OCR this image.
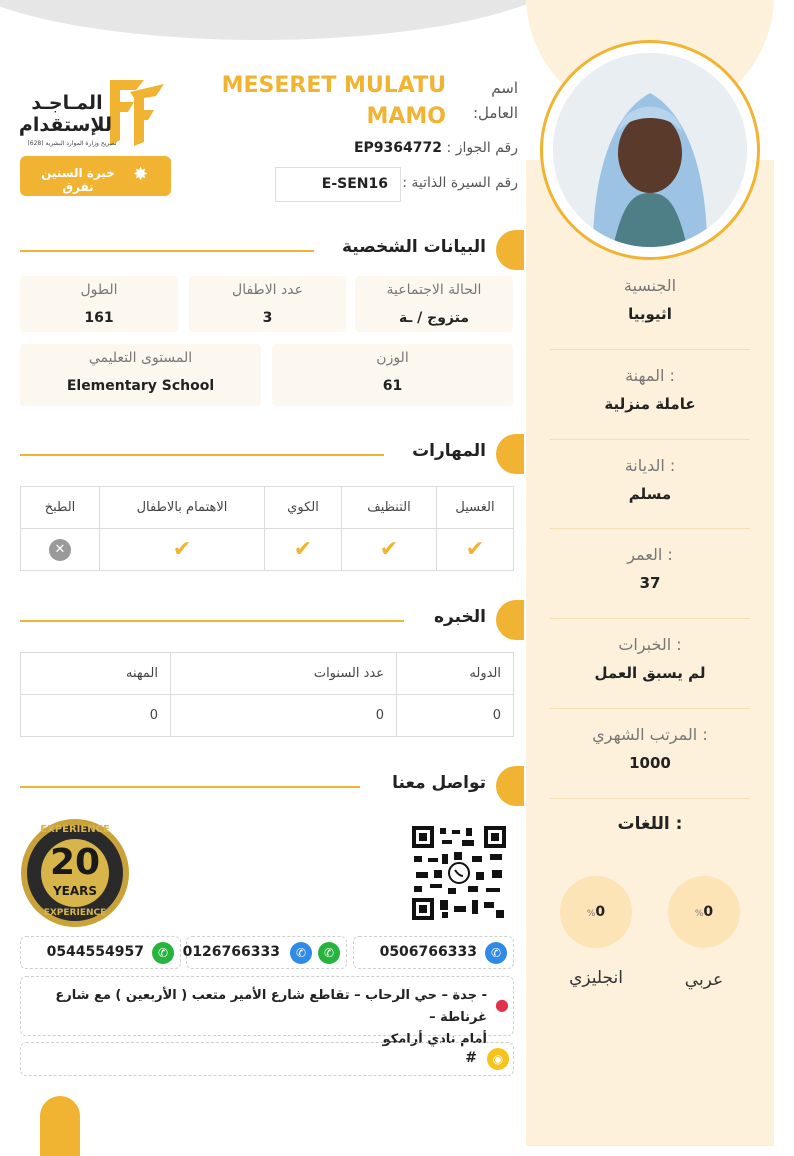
الجنسية
اثيوبيا
المهنة :
عاملة منزلية
الديانة :
مسلم
العمر :
37
الخبرات :
لم يسبق العمل
المرتب الشهري :
1000
اللغات :
%0
%0
عربي
انجليزي
المـاجـد
للإستقدام
تصريح وزارة الموارد البشرية (628)
خبرة السنين تفرق
✸
اسم
العامل:
MESERET MULATU
MAMO
رقم الجواز :
EP9364772
رقم السيرة الذاتية :
E-SEN16
البيانات الشخصية
الحالة الاجتماعية
متزوج / ـة
عدد الاطفال
3
الطول
161
الوزن
61
المستوى التعليمي
Elementary School
المهارات
الطبخ	الاهتمام بالاطفال	الكوي	التنظيف	الغسيل
✕	✔	✔	✔	✔
الخبره
المهنه	عدد السنوات	الدوله
0	0	0
تواصل معنا
EXPERIENCE
20
YEARS
EXPERIENCE
✆
0506766333
✆
✆
0126766333
✆
0544554957
●
- جدة – حي الرحاب – تقاطع شارع الأمير متعب ( الأربعين ) مع شارع غرناطة –
أمام نادي أرامكو
◉
#
